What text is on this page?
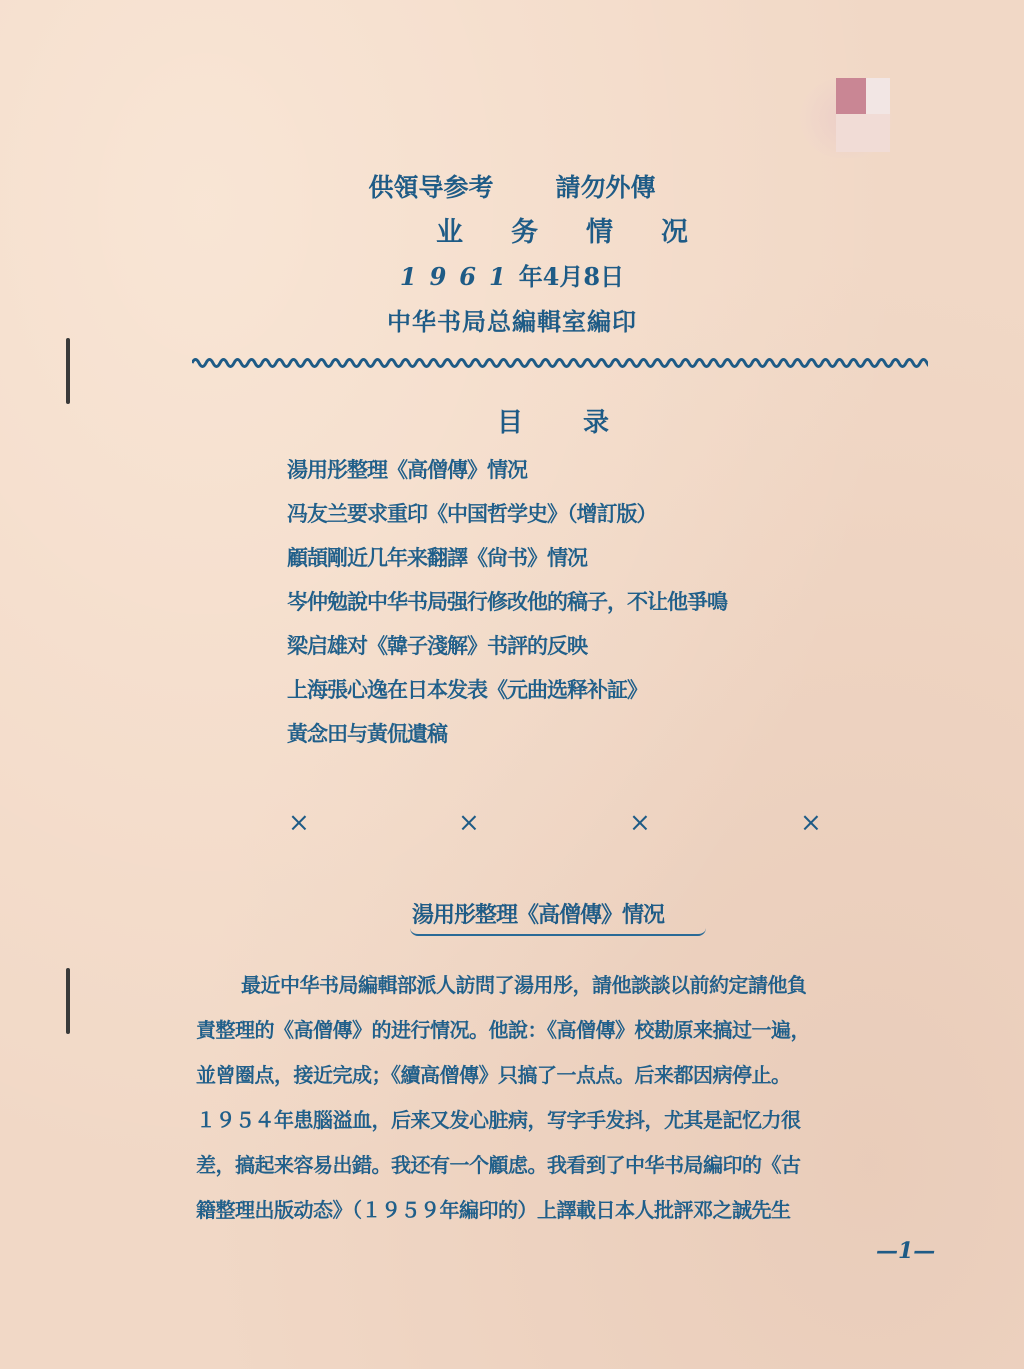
供領导参考 請勿外傳
业务情况
1961年4月8日
中华书局总編輯室編印
目录
湯用彤整理《高僧傳》情况
冯友兰要求重印《中国哲学史》（增訂版）
顧頡剛近几年来翻譯《尙书》情况
岑仲勉說中华书局强行修改他的稿子，不让他爭鳴
梁启雄对《韓子淺解》书評的反映
上海張心逸在日本发表《元曲选释补証》
黃念田与黃侃遺稿
×	×	×	×
湯用彤整理《高僧傳》情况
最近中华书局編輯部派人訪問了湯用彤，請他談談以前約定請他負
責整理的《高僧傳》的进行情况。他說：《高僧傳》校勘原来搞过一遍，
並曾圈点，接近完成；《續高僧傳》只搞了一点点。后来都因病停止。
１９５４年患腦溢血，后来又发心脏病，写字手发抖，尤其是記忆力很
差，搞起来容易出錯。我还有一个顧虑。我看到了中华书局編印的《古
籍整理出版动态》（１９５９年編印的）上譯載日本人批評邓之誠先生
—1—
